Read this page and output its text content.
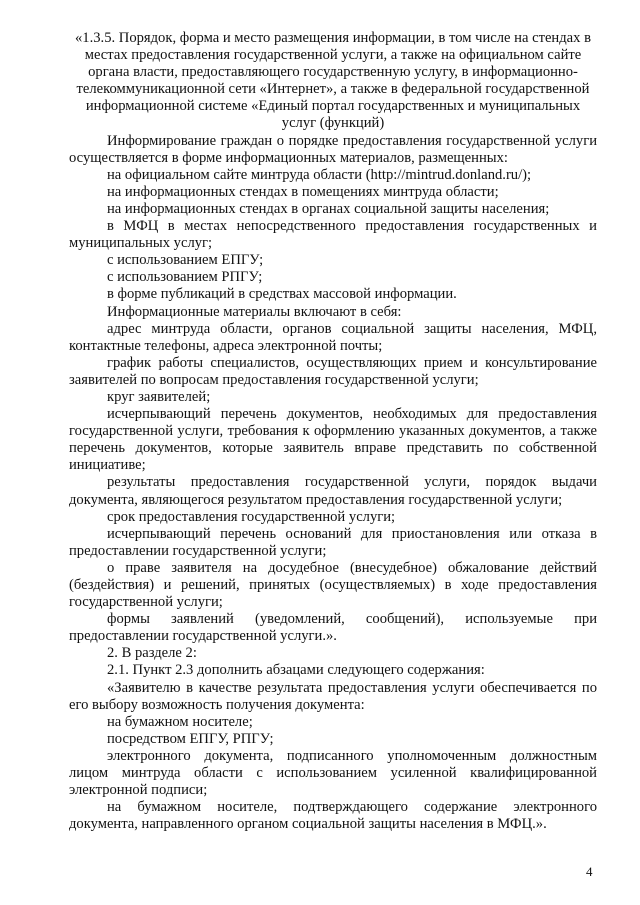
«1.3.5. Порядок, форма и место размещения информации, в том числе на стендах в местах предоставления государственной услуги, а также на официальном сайте органа власти, предоставляющего государственную услугу, в информационно-телекоммуникационной сети «Интернет», а также в федеральной государственной информационной системе «Единый портал государственных и муниципальных услуг (функций)

Информирование граждан о порядке предоставления государственной услуги осуществляется в форме информационных материалов, размещенных:

на официальном сайте минтруда области (http://mintrud.donland.ru/);

на информационных стендах в помещениях минтруда области;

на информационных стендах в органах социальной защиты населения;

в МФЦ в местах непосредственного предоставления государственных и муниципальных услуг;

с использованием ЕПГУ;

с использованием РПГУ;

в форме публикаций в средствах массовой информации.

Информационные материалы включают в себя:

адрес минтруда области, органов социальной защиты населения, МФЦ, контактные телефоны, адреса электронной почты;

график работы специалистов, осуществляющих прием и консультирование заявителей по вопросам предоставления государственной услуги;

круг заявителей;

исчерпывающий перечень документов, необходимых для предоставления государственной услуги, требования к оформлению указанных документов, а также перечень документов, которые заявитель вправе представить по собственной инициативе;

результаты предоставления государственной услуги, порядок выдачи документа, являющегося результатом предоставления государственной услуги;

срок предоставления государственной услуги;

исчерпывающий перечень оснований для приостановления или отказа в предоставлении государственной услуги;

о праве заявителя на досудебное (внесудебное) обжалование действий (бездействия) и решений, принятых (осуществляемых) в ходе предоставления государственной услуги;

формы заявлений (уведомлений, сообщений), используемые при предоставлении государственной услуги.».

2. В разделе 2:

2.1. Пункт 2.3 дополнить абзацами следующего содержания:

«Заявителю в качестве результата предоставления услуги обеспечивается по его выбору возможность получения документа:

на бумажном носителе;

посредством ЕПГУ, РПГУ;

электронного документа, подписанного уполномоченным должностным лицом минтруда области с использованием усиленной квалифицированной электронной подписи;

на бумажном носителе, подтверждающего содержание электронного документа, направленного органом социальной защиты населения в МФЦ.».

4
